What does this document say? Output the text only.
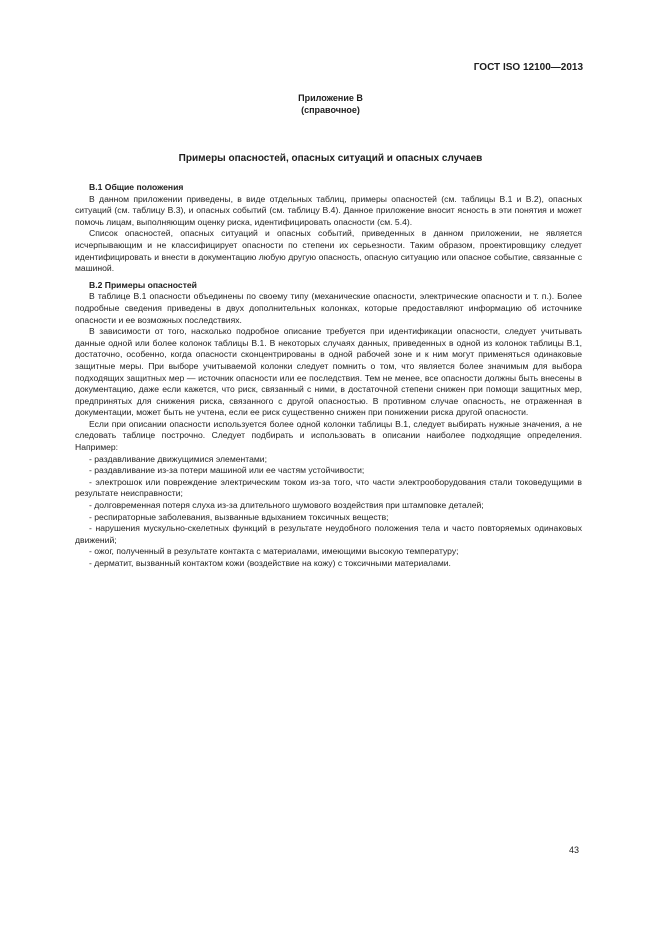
ГОСТ ISO 12100—2013
Приложение В
(справочное)
Примеры опасностей, опасных ситуаций и опасных случаев

В.1 Общие положения

В данном приложении приведены, в виде отдельных таблиц, примеры опасностей (см. таблицы В.1 и В.2), опасных ситуаций (см. таблицу В.3), и опасных событий (см. таблицу В.4). Данное приложение вносит ясность в эти понятия и может помочь лицам, выполняющим оценку риска, идентифицировать опасности (см. 5.4).

Список опасностей, опасных ситуаций и опасных событий, приведенных в данном приложении, не является исчерпывающим и не классифицирует опасности по степени их серьезности. Таким образом, проектировщику следует идентифицировать и внести в документацию любую другую опасность, опасную ситуацию или опасное событие, связанные с машиной.

В.2 Примеры опасностей

В таблице В.1 опасности объединены по своему типу (механические опасности, электрические опасности и т. п.). Более подробные сведения приведены в двух дополнительных колонках, которые предоставляют информацию об источнике опасности и ее возможных последствиях.

В зависимости от того, насколько подробное описание требуется при идентификации опасности, следует учитывать данные одной или более колонок таблицы В.1. В некоторых случаях данных, приведенных в одной из колонок таблицы В.1, достаточно, особенно, когда опасности сконцентрированы в одной рабочей зоне и к ним могут применяться одинаковые защитные меры. При выборе учитываемой колонки следует помнить о том, что является более значимым для выбора подходящих защитных мер — источник опасности или ее последствия. Тем не менее, все опасности должны быть внесены в документацию, даже если кажется, что риск, связанный с ними, в достаточной степени снижен при помощи защитных мер, предпринятых для снижения риска, связанного с другой опасностью. В противном случае опасность, не отраженная в документации, может быть не учтена, если ее риск существенно снижен при понижении риска другой опасности.

Если при описании опасности используется более одной колонки таблицы В.1, следует выбирать нужные значения, а не следовать таблице построчно. Следует подбирать и использовать в описании наиболее подходящие определения. Например:

- раздавливание движущимися элементами;

- раздавливание из-за потери машиной или ее частям устойчивости;

- электрошок или повреждение электрическим током из-за того, что части электрооборудования стали токоведущими в результате неисправности;

- долговременная потеря слуха из-за длительного шумового воздействия при штамповке деталей;

- респираторные заболевания, вызванные вдыханием токсичных веществ;

- нарушения мускульно-скелетных функций в результате неудобного положения тела и часто повторяемых одинаковых движений;

- ожог, полученный в результате контакта с материалами, имеющими высокую температуру;

- дерматит, вызванный контактом кожи (воздействие на кожу) с токсичными материалами.

43
